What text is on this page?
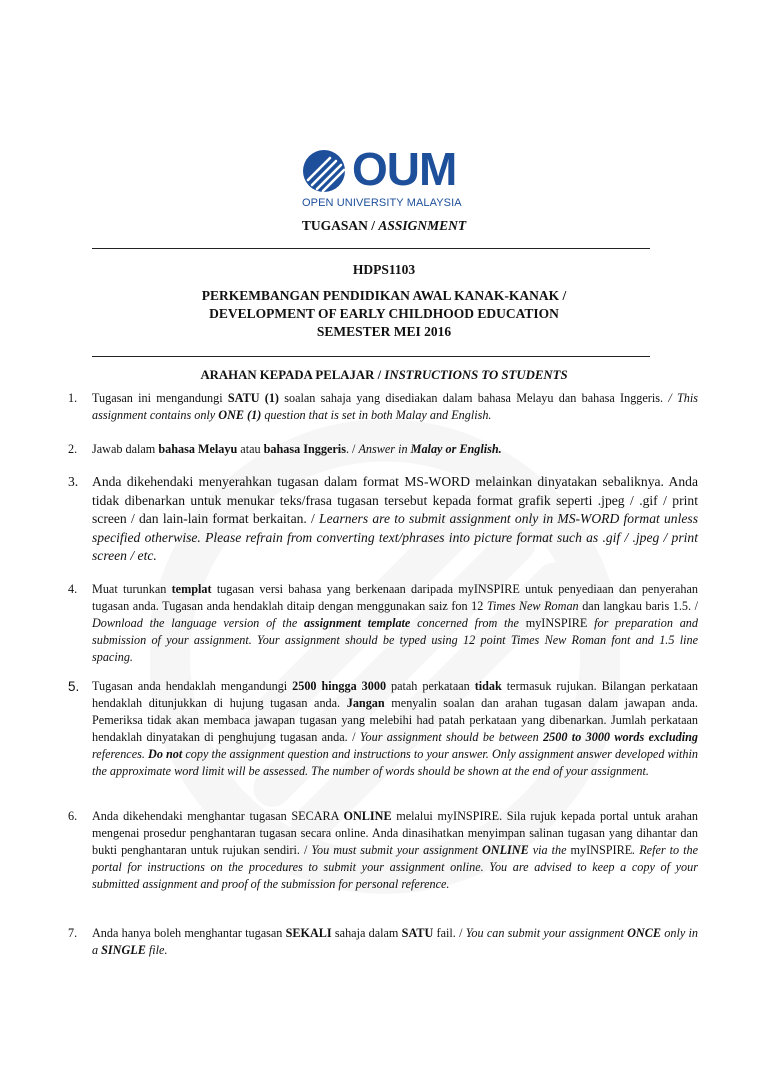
OUM
OPEN UNIVERSITY MALAYSIA
TUGASAN / ASSIGNMENT
HDPS1103
PERKEMBANGAN PENDIDIKAN AWAL KANAK-KANAK /
DEVELOPMENT OF EARLY CHILDHOOD EDUCATION
SEMESTER MEI 2016
ARAHAN KEPADA PELAJAR / INSTRUCTIONS TO STUDENTS
1.	Tugasan ini mengandungi SATU (1) soalan sahaja yang disediakan dalam bahasa Melayu dan bahasa Inggeris. / This assignment contains only ONE (1) question that is set in both Malay and English.
2.	Jawab dalam bahasa Melayu atau bahasa Inggeris. / Answer in Malay or English.
3.	Anda dikehendaki menyerahkan tugasan dalam format MS-WORD melainkan dinyatakan sebaliknya. Anda tidak dibenarkan untuk menukar teks/frasa tugasan tersebut kepada format grafik seperti .jpeg / .gif / print screen / dan lain-lain format berkaitan. / Learners are to submit assignment only in MS-WORD format unless specified otherwise. Please refrain from converting text/phrases into picture format such as .gif / .jpeg / print screen / etc.
4.	Muat turunkan templat tugasan versi bahasa yang berkenaan daripada myINSPIRE untuk penyediaan dan penyerahan tugasan anda. Tugasan anda hendaklah ditaip dengan menggunakan saiz fon 12 Times New Roman dan langkau baris 1.5. / Download the language version of the assignment template concerned from the myINSPIRE for preparation and submission of your assignment. Your assignment should be typed using 12 point Times New Roman font and 1.5 line spacing.
5.	Tugasan anda hendaklah mengandungi 2500 hingga 3000 patah perkataan tidak termasuk rujukan. Bilangan perkataan hendaklah ditunjukkan di hujung tugasan anda. Jangan menyalin soalan dan arahan tugasan dalam jawapan anda. Pemeriksa tidak akan membaca jawapan tugasan yang melebihi had patah perkataan yang dibenarkan. Jumlah perkataan hendaklah dinyatakan di penghujung tugasan anda. / Your assignment should be between 2500 to 3000 words excluding references. Do not copy the assignment question and instructions to your answer. Only assignment answer developed within the approximate word limit will be assessed. The number of words should be shown at the end of your assignment.
6.	Anda dikehendaki menghantar tugasan SECARA ONLINE melalui myINSPIRE. Sila rujuk kepada portal untuk arahan mengenai prosedur penghantaran tugasan secara online. Anda dinasihatkan menyimpan salinan tugasan yang dihantar dan bukti penghantaran untuk rujukan sendiri. / You must submit your assignment ONLINE via the myINSPIRE. Refer to the portal for instructions on the procedures to submit your assignment online. You are advised to keep a copy of your submitted assignment and proof of the submission for personal reference.
7.	Anda hanya boleh menghantar tugasan SEKALI sahaja dalam SATU fail. / You can submit your assignment ONCE only in a SINGLE file.
